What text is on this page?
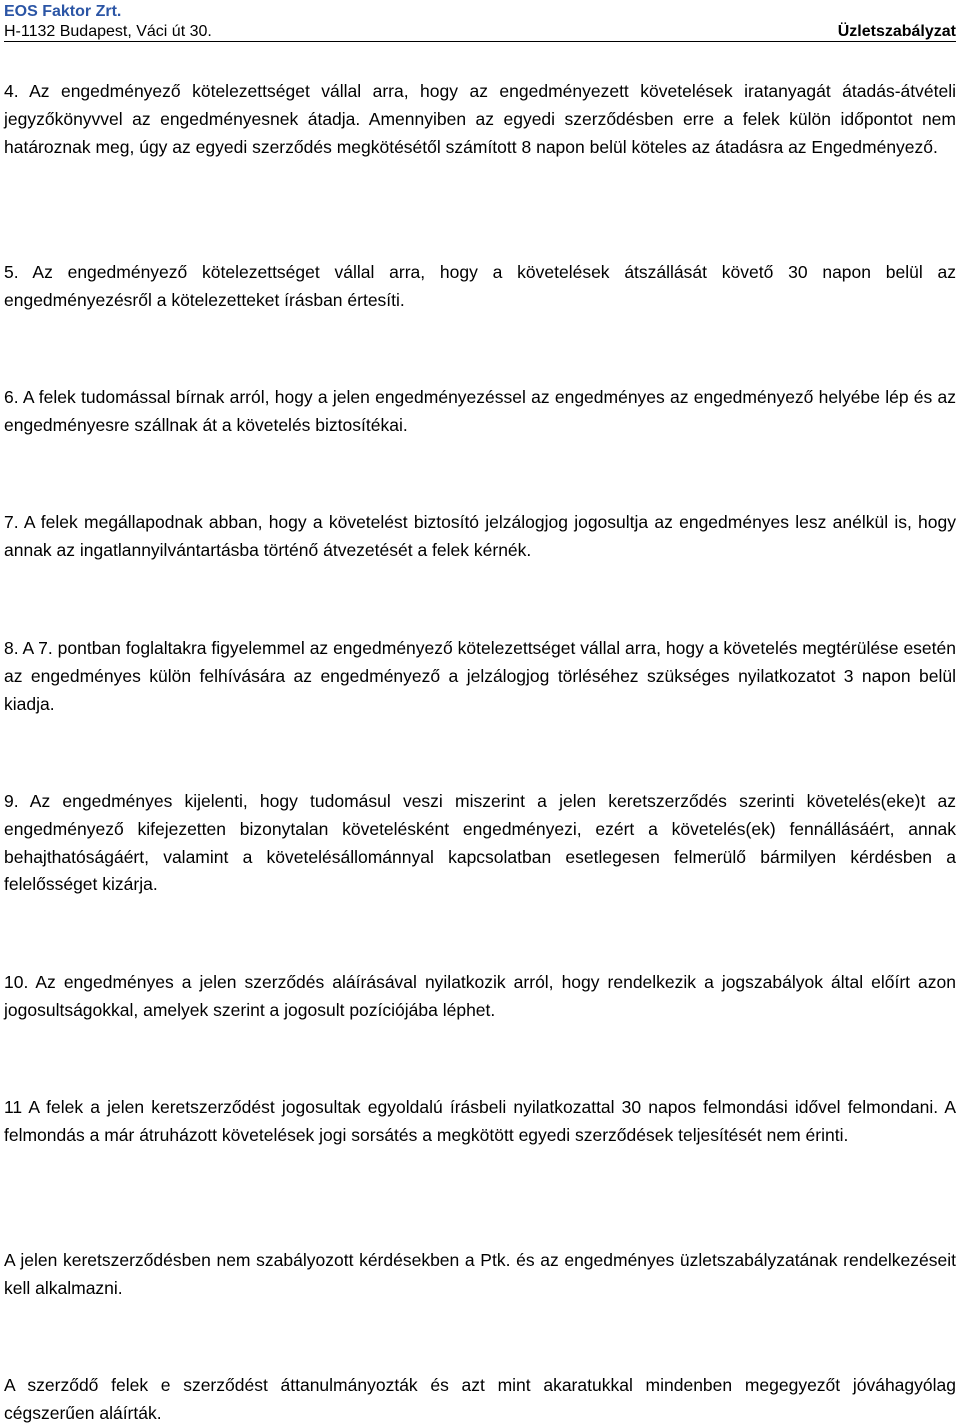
EOS Faktor Zrt.
H-1132 Budapest, Váci út 30.	Üzletszabályzat

4. Az engedményező kötelezettséget vállal arra, hogy az engedményezett követelések iratanyagát átadás-átvételi jegyzőkönyvvel az engedményesnek átadja. Amennyiben az egyedi szerződésben erre a felek külön időpontot nem határoznak meg, úgy az egyedi szerződés megkötésétől számított 8 napon belül köteles az átadásra az Engedményező.

5. Az engedményező kötelezettséget vállal arra, hogy a követelések átszállását követő 30 napon belül az engedményezésről a kötelezetteket írásban értesíti.

6. A felek tudomással bírnak arról, hogy a jelen engedményezéssel az engedményes az engedményező helyébe lép és az engedményesre szállnak át a követelés biztosítékai.

7. A felek megállapodnak abban, hogy a követelést biztosító jelzálogjog jogosultja az engedményes lesz anélkül is, hogy annak az ingatlannyilvántartásba történő átvezetését a felek kérnék.

8. A 7. pontban foglaltakra figyelemmel az engedményező kötelezettséget vállal arra, hogy a követelés megtérülése esetén az engedményes külön felhívására az engedményező a jelzálogjog törléséhez szükséges nyilatkozatot 3 napon belül kiadja.

9. Az engedményes kijelenti, hogy tudomásul veszi miszerint a jelen keretszerződés szerinti követelés(eke)t az engedményező kifejezetten bizonytalan követelésként engedményezi, ezért a követelés(ek) fennállásáért, annak behajthatóságáért, valamint a követelésállománnyal kapcsolatban esetlegesen felmerülő bármilyen kérdésben a felelősséget kizárja.

10. Az engedményes a jelen szerződés aláírásával nyilatkozik arról, hogy rendelkezik a jogszabályok által előírt azon jogosultságokkal, amelyek szerint a jogosult pozíciójába léphet.

11 A felek a jelen keretszerződést jogosultak egyoldalú írásbeli nyilatkozattal 30 napos felmondási idővel felmondani. A felmondás a már átruházott követelések jogi sorsátés a megkötött egyedi szerződések teljesítését nem érinti.

A jelen keretszerződésben nem szabályozott kérdésekben a Ptk. és az engedményes üzletszabályzatának rendelkezéseit kell alkalmazni.

A szerződő felek e szerződést áttanulmányozták és azt mint akaratukkal mindenben megegyezőt jóváhagyólag cégszerűen aláírták.
